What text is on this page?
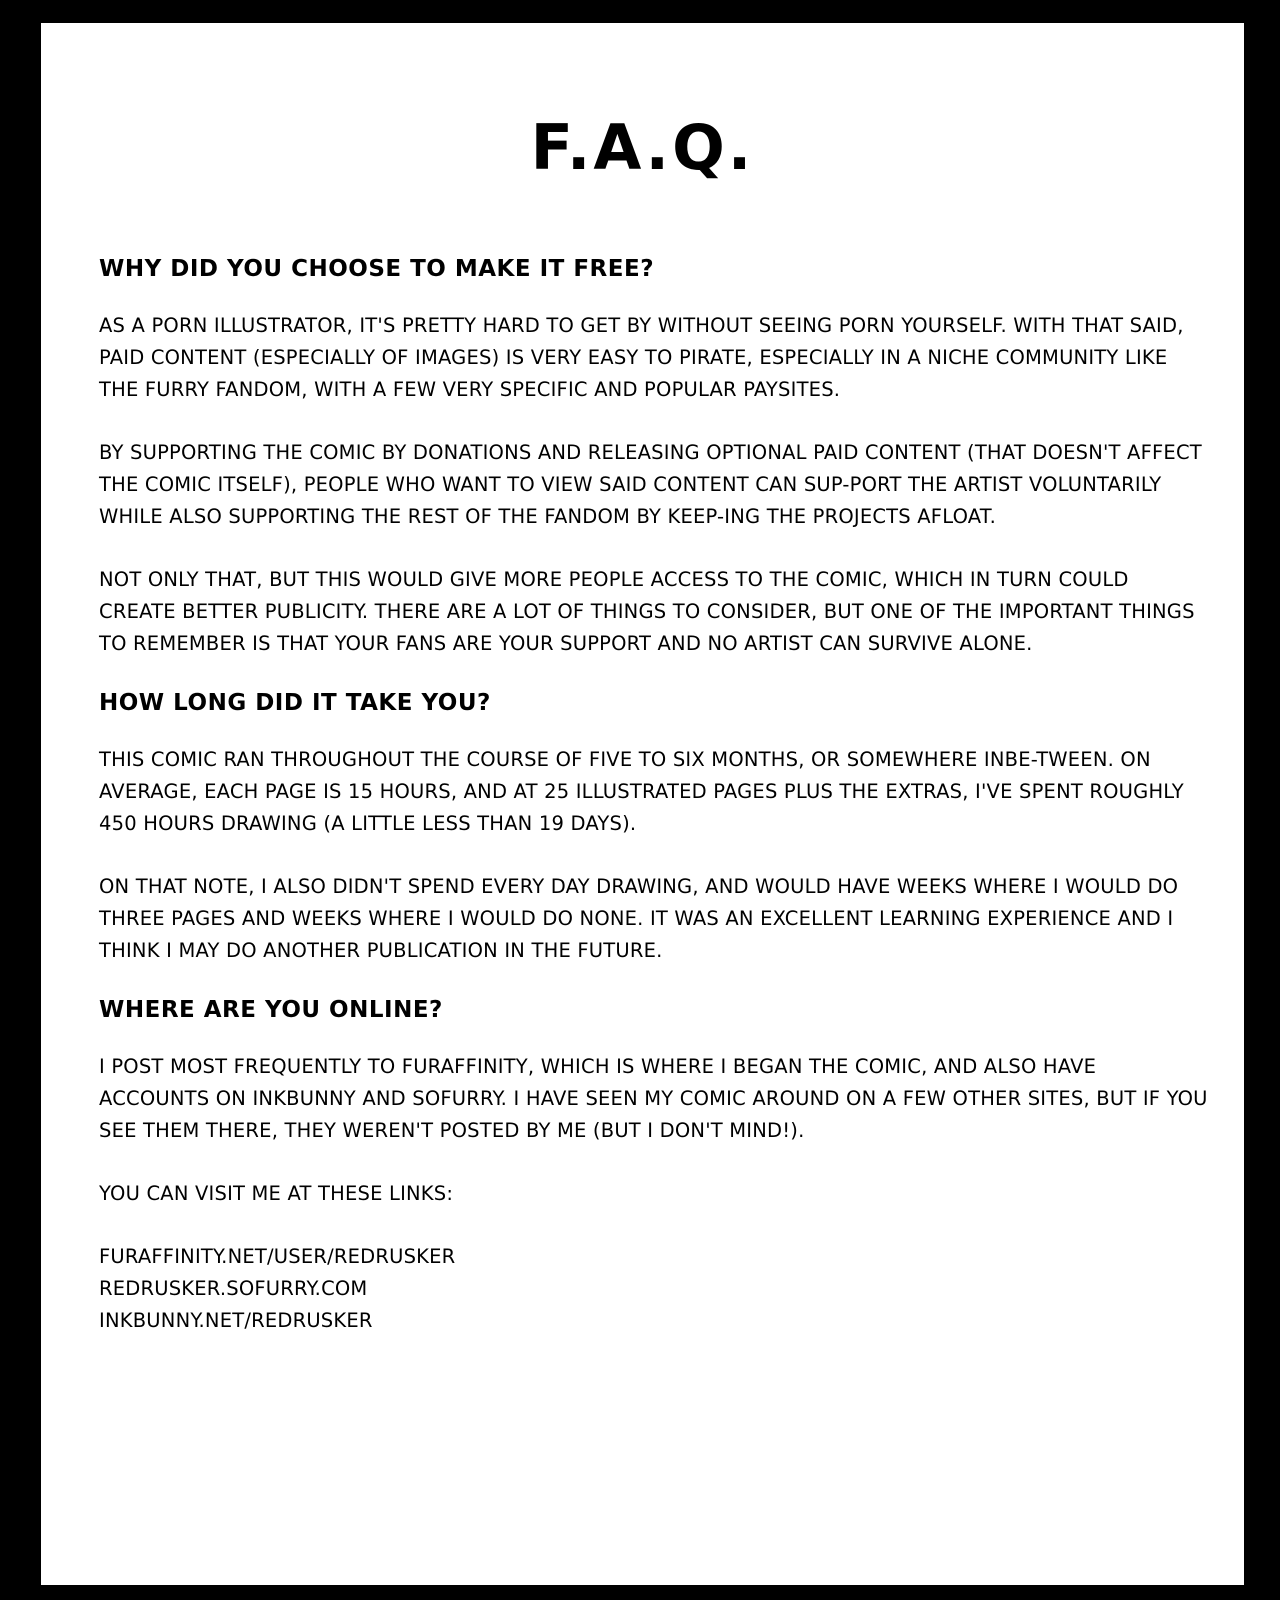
F.A.Q.
WHY DID YOU CHOOSE TO MAKE IT FREE?

AS A PORN ILLUSTRATOR, IT'S PRETTY HARD TO GET BY WITHOUT SEEING PORN YOURSELF. WITH THAT SAID, PAID CONTENT (ESPECIALLY OF IMAGES) IS VERY EASY TO PIRATE, ESPECIALLY IN A NICHE COMMUNITY LIKE THE FURRY FANDOM, WITH A FEW VERY SPECIFIC AND POPULAR PAYSITES.

BY SUPPORTING THE COMIC BY DONATIONS AND RELEASING OPTIONAL PAID CONTENT (THAT DOESN'T AFFECT THE COMIC ITSELF), PEOPLE WHO WANT TO VIEW SAID CONTENT CAN SUP-PORT THE ARTIST VOLUNTARILY WHILE ALSO SUPPORTING THE REST OF THE FANDOM BY KEEP-ING THE PROJECTS AFLOAT.

NOT ONLY THAT, BUT THIS WOULD GIVE MORE PEOPLE ACCESS TO THE COMIC, WHICH IN TURN COULD CREATE BETTER PUBLICITY. THERE ARE A LOT OF THINGS TO CONSIDER, BUT ONE OF THE IMPORTANT THINGS TO REMEMBER IS THAT YOUR FANS ARE YOUR SUPPORT AND NO ARTIST CAN SURVIVE ALONE.

HOW LONG DID IT TAKE YOU?

THIS COMIC RAN THROUGHOUT THE COURSE OF FIVE TO SIX MONTHS, OR SOMEWHERE INBE-TWEEN. ON AVERAGE, EACH PAGE IS 15 HOURS, AND AT 25 ILLUSTRATED PAGES PLUS THE EXTRAS, I'VE SPENT ROUGHLY 450 HOURS DRAWING (A LITTLE LESS THAN 19 DAYS).

ON THAT NOTE, I ALSO DIDN'T SPEND EVERY DAY DRAWING, AND WOULD HAVE WEEKS WHERE I WOULD DO THREE PAGES AND WEEKS WHERE I WOULD DO NONE. IT WAS AN EXCELLENT LEARNING EXPERIENCE AND I THINK I MAY DO ANOTHER PUBLICATION IN THE FUTURE.

WHERE ARE YOU ONLINE?

I POST MOST FREQUENTLY TO FURAFFINITY, WHICH IS WHERE I BEGAN THE COMIC, AND ALSO HAVE ACCOUNTS ON INKBUNNY AND SOFURRY. I HAVE SEEN MY COMIC AROUND ON A FEW OTHER SITES, BUT IF YOU SEE THEM THERE, THEY WEREN'T POSTED BY ME (BUT I DON'T MIND!).

YOU CAN VISIT ME AT THESE LINKS:

FURAFFINITY.NET/USER/REDRUSKER
REDRUSKER.SOFURRY.COM
INKBUNNY.NET/REDRUSKER
